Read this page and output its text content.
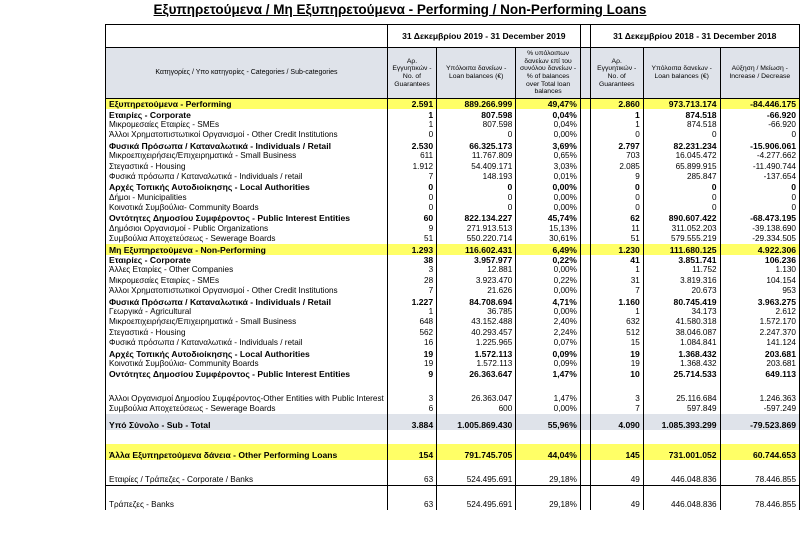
Εξυπηρετούμενα / Μη Εξυπηρετούμενα - Performing / Non-Performing Loans
	31 Δεκεμβρίου 2019 - 31 December 2019				31 Δεκεμβρίου 2018 - 31 December 2018		
Κατηγορίες / Υπο κατηγορίες - Categories / Sub-categories	Αρ. Εγγυητικών - No. of Guarantees	Υπόλοιπα δανείων - Loan balances (€)	% υπόλοιπων δανείων επί του συνόλου δανείων - % of balances over Total loan balances		Αρ. Εγγυητικών - No. of Guarantees	Υπόλοιπα δανείων - Loan balances (€)	Αύξηση / Μείωση - Increase / Decrease
Εξυπηρετούμενα - Performing	2.591	889.266.999	49,47%		2.860	973.713.174	-84.446.175
Εταιρίες - Corporate	1	807.598	0,04%		1	874.518	-66.920
Μικρομεσαίες Εταιρίες - SMEs	1	807.598	0,04%		1	874.518	-66.920
Άλλοι Χρηματοπιστωτικοί Οργανισμοί - Other Credit Institutions	0	0	0,00%		0	0	0
Φυσικά Πρόσωπα / Καταναλωτικά - Individuals / Retail	2.530	66.325.173	3,69%		2.797	82.231.234	-15.906.061
Μικροεπιχειρήσεις/Επιχειρηματικά - Small Business	611	11.767.809	0,65%		703	16.045.472	-4.277.662
Στεγαστικά - Housing	1.912	54.409.171	3,03%		2.085	65.899.915	-11.490.744
Φυσικά πρόσωπα / Καταναλωτικά - Individuals / retail	7	148.193	0,01%		9	285.847	-137.654
Αρχές Τοπικής Αυτοδιοίκησης - Local Authorities	0	0	0,00%		0	0	0
Δήμοι - Municipalities	0	0	0,00%		0	0	0
Κοινοτικά Συμβούλια- Community Boards	0	0	0,00%		0	0	0
Οντότητες Δημοσίου Συμφέροντος - Public Interest Entities	60	822.134.227	45,74%		62	890.607.422	-68.473.195
Δημόσιοι Οργανισμοί - Public Organizations	9	271.913.513	15,13%		11	311.052.203	-39.138.690
Συμβούλια Αποχετεύσεως - Sewerage Boards	51	550.220.714	30,61%		51	579.555.219	-29.334.505
Μη Εξυπηρετούμενα - Non-Performing	1.293	116.602.431	6,49%		1.230	111.680.125	4.922.306
Εταιρίες - Corporate	38	3.957.977	0,22%		41	3.851.741	106.236
Άλλες Εταιρίες - Other Companies	3	12.881	0,00%		1	11.752	1.130
Μικρομεσαίες Εταιρίες - SMEs	28	3.923.470	0,22%		31	3.819.316	104.154
Άλλοι Χρηματοπιστωτικοί Οργανισμοί - Other Credit Institutions	7	21.626	0,00%		7	20.673	953
Φυσικά Πρόσωπα / Καταναλωτικά - Individuals / Retail	1.227	84.708.694	4,71%		1.160	80.745.419	3.963.275
Γεωργικά - Agricultural	1	36.785	0,00%		1	34.173	2.612
Μικροεπιχειρήσεις/Επιχειρηματικά - Small Business	648	43.152.488	2,40%		632	41.580.318	1.572.170
Στεγαστικά - Housing	562	40.293.457	2,24%		512	38.046.087	2.247.370
Φυσικά πρόσωπα / Καταναλωτικά - Individuals / retail	16	1.225.965	0,07%		15	1.084.841	141.124
Αρχές Τοπικής Αυτοδιοίκησης - Local Authorities	19	1.572.113	0,09%		19	1.368.432	203.681
Κοινοτικά Συμβούλια- Community Boards	19	1.572.113	0,09%		19	1.368.432	203.681
Οντότητες Δημοσίου Συμφέροντος - Public Interest Entities	9	26.363.647	1,47%		10	25.714.533	649.113

Άλλοι Οργανισμοί Δημοσίου Συμφέροντος-Other Entities with Public Interest	3	26.363.047	1,47%		3	25.116.684	1.246.363
Συμβούλια Αποχετεύσεως - Sewerage Boards	6	600	0,00%		7	597.849	-597.249
Υπό Σύνολο - Sub - Total	3.884	1.005.869.430	55,96%		4.090	1.085.393.299	-79.523.869

Άλλα Εξυπηρετούμενα δάνεια - Other Performing Loans	154	791.745.705	44,04%		145	731.001.052	60.744.653

Εταιρίες / Τράπεζες - Corporate / Banks	63	524.495.691	29,18%		49	446.048.836	78.446.855

Τράπεζες - Banks	63	524.495.691	29,18%		49	446.048.836	78.446.855
